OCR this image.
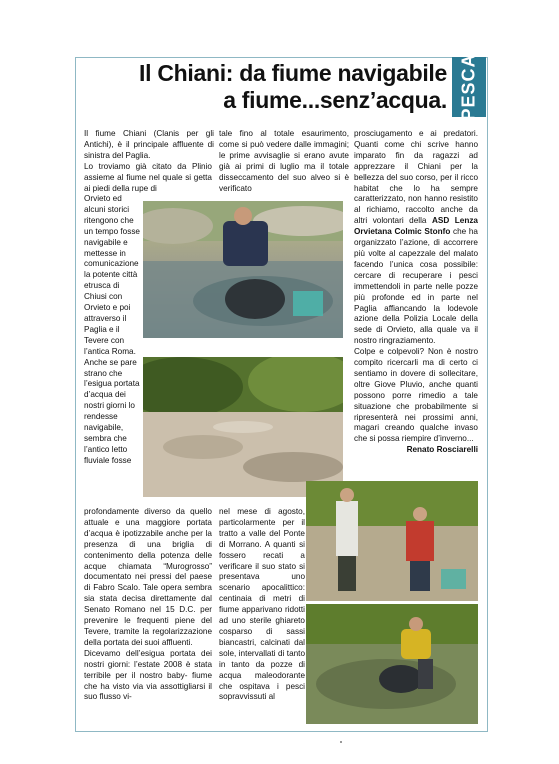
PESCA
Il Chiani: da fiume navigabile
a fiume...senz’acqua.

Il fiume Chiani (Clanis per gli Antichi), è il principale affluente di sinistra del Paglia.

Lo troviamo già citato da Plinio assieme al fiume nel quale si getta ai piedi della rupe di

Orvieto ed alcuni storici ritengono che un tempo fosse navigabile e mettesse in comunicazione la potente città etrusca di Chiusi con Orvieto e poi attraverso il Paglia e il Tevere con l’antica Roma. Anche se pare strano che l’esigua portata d’acqua dei nostri giorni lo rendesse navigabile, sembra che l’antico letto fluviale fosse

tale fino al totale esaurimento, come si può vedere dalle immagini; le prime avvisaglie si erano avute già ai primi di luglio ma il totale disseccamento del suo alveo si è verificato

prosciugamento e ai predatori. Quanti come chi scrive hanno imparato fin da ragazzi ad apprezzare il Chiani per la bellezza del suo corso, per il ricco habitat che lo ha sempre caratterizzato, non hanno resistito al richiamo, raccolto anche da altri volontari della ASD Lenza Orvietana Colmic Stonfo che ha organizzato l’azione, di accorrere più volte al capezzale del malato facendo l’unica cosa possibile: cercare di recuperare i pesci immettendoli in parte nelle pozze più profonde ed in parte nel Paglia affiancando la lodevole azione della Polizia Locale della sede di Orvieto, alla quale va il nostro ringraziamento.

Colpe e colpevoli? Non è nostro compito ricercarli ma di certo ci sentiamo in dovere di sollecitare, oltre Giove Pluvio, anche quanti possono porre rimedio a tale situazione che probabilmente si ripresenterà nei prossimi anni, magari creando qualche invaso che si possa riempire d’inverno...

Renato Rosciarelli

profondamente diverso da quello attuale e una maggiore portata d’acqua è ipotizzabile anche per la presenza di una briglia di contenimento della potenza delle acque chiamata “Murogrosso” documentato nei pressi del paese di Fabro Scalo. Tale opera sembra sia stata decisa direttamente dal Senato Romano nel 15 D.C. per prevenire le frequenti piene del Tevere, tramite la regolarizzazione della portata dei suoi affluenti.

Dicevamo dell’esigua portata dei nostri giorni: l’estate 2008 è stata terribile per il nostro baby- fiume che ha visto via via assottigliarsi il suo flusso vi-

nel mese di agosto, particolarmente per il tratto a valle del Ponte di Morrano. A quanti si fossero recati a verificare il suo stato si presentava uno scenario apocalittico: centinaia di metri di fiume apparivano ridotti ad uno sterile ghiareto cosparso di sassi biancastri, calcinati dal sole, intervallati di tanto in tanto da pozze di acqua maleodorante che ospitava i pesci sopravvissuti al
